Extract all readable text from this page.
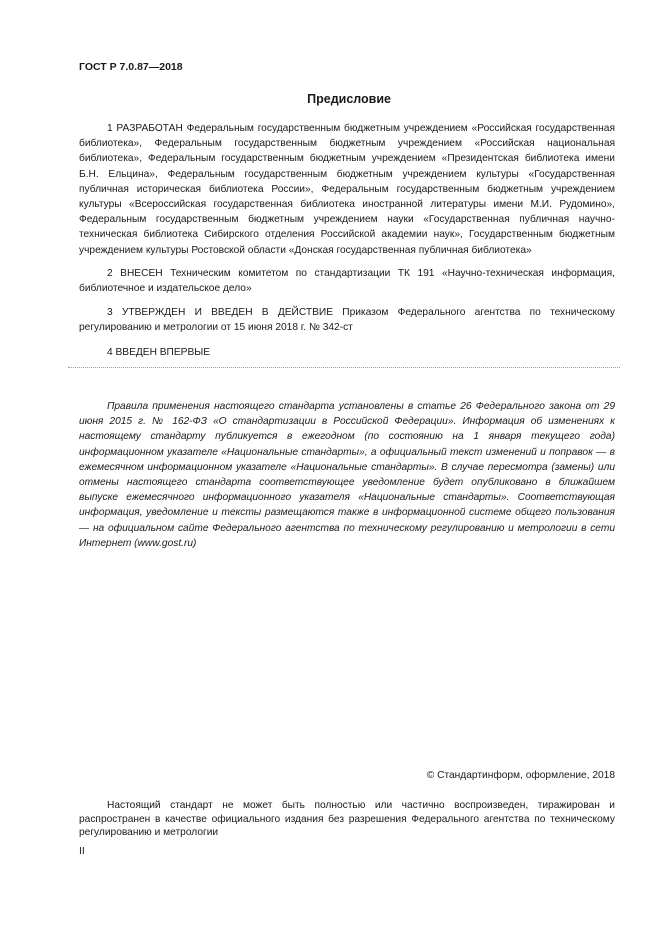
ГОСТ Р 7.0.87—2018
Предисловие
1 РАЗРАБОТАН Федеральным государственным бюджетным учреждением «Российская государственная библиотека», Федеральным государственным бюджетным учреждением «Российская национальная библиотека», Федеральным государственным бюджетным учреждением «Президентская библиотека имени Б.Н. Ельцина», Федеральным государственным бюджетным учреждением культуры «Государственная публичная историческая библиотека России», Федеральным государственным бюджетным учреждением культуры «Всероссийская государственная библиотека иностранной литературы имени М.И. Рудомино», Федеральным государственным бюджетным учреждением науки «Государственная публичная научно-техническая библиотека Сибирского отделения Российской академии наук», Государственным бюджетным учреждением культуры Ростовской области «Донская государственная публичная библиотека»
2 ВНЕСЕН Техническим комитетом по стандартизации ТК 191 «Научно-техническая информация, библиотечное и издательское дело»
3 УТВЕРЖДЕН И ВВЕДЕН В ДЕЙСТВИЕ Приказом Федерального агентства по техническому регулированию и метрологии от 15 июня 2018 г. № 342-ст
4 ВВЕДЕН ВПЕРВЫЕ
Правила применения настоящего стандарта установлены в статье 26 Федерального закона от 29 июня 2015 г. № 162-ФЗ «О стандартизации в Российской Федерации». Информация об изменениях к настоящему стандарту публикуется в ежегодном (по состоянию на 1 января текущего года) информационном указателе «Национальные стандарты», а официальный текст изменений и поправок — в ежемесячном информационном указателе «Национальные стандарты». В случае пересмотра (замены) или отмены настоящего стандарта соответствующее уведомление будет опубликовано в ближайшем выпуске ежемесячного информационного указателя «Национальные стандарты». Соответствующая информация, уведомление и тексты размещаются также в информационной системе общего пользования — на официальном сайте Федерального агентства по техническому регулированию и метрологии в сети Интернет (www.gost.ru)
© Стандартинформ, оформление, 2018
Настоящий стандарт не может быть полностью или частично воспроизведен, тиражирован и распространен в качестве официального издания без разрешения Федерального агентства по техническому регулированию и метрологии
II
